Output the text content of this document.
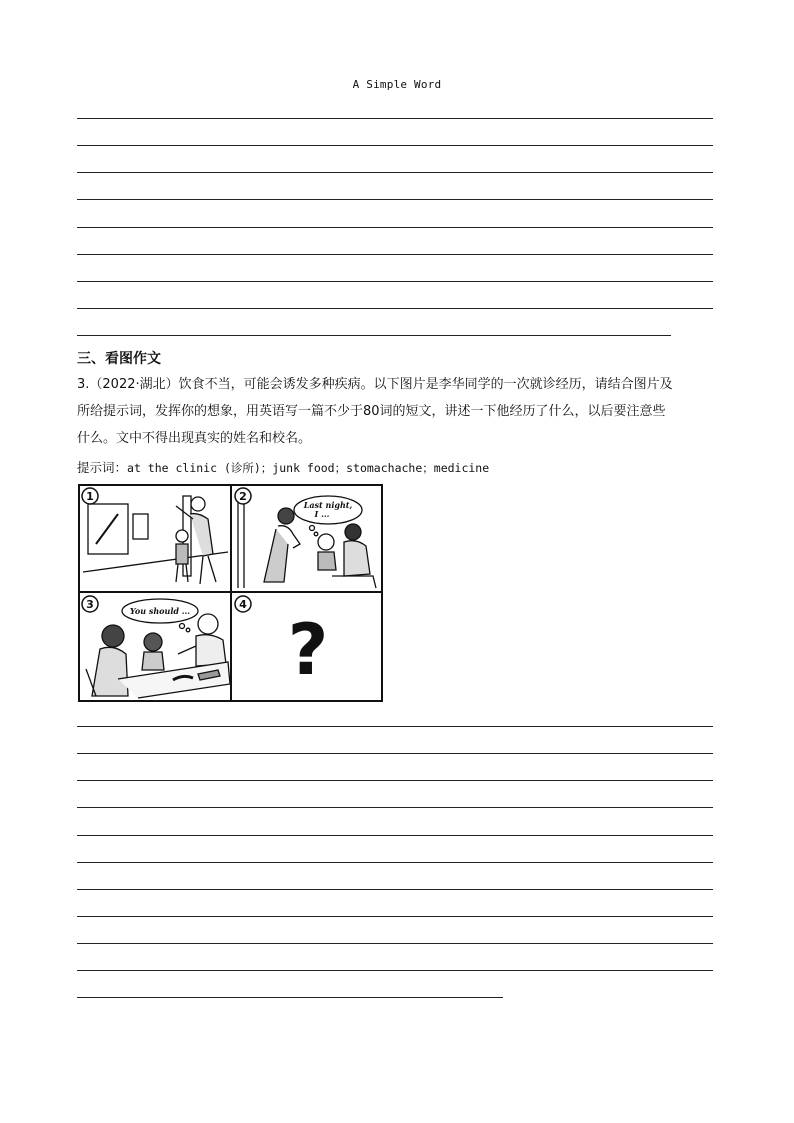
A Simple Word
三、看图作文
3.（2022·湖北）饮食不当，可能会诱发多种疾病。以下图片是李华同学的一次就诊经历，请结合图片及
所给提示词，发挥你的想象，用英语写一篇不少于80词的短文，讲述一下他经历了什么，以后要注意些
什么。文中不得出现真实的姓名和校名。
提示词：at the clinic (诊所)；junk food；stomachache；medicine
1	2
3	4
Last night,
I ...
You should ... ?
